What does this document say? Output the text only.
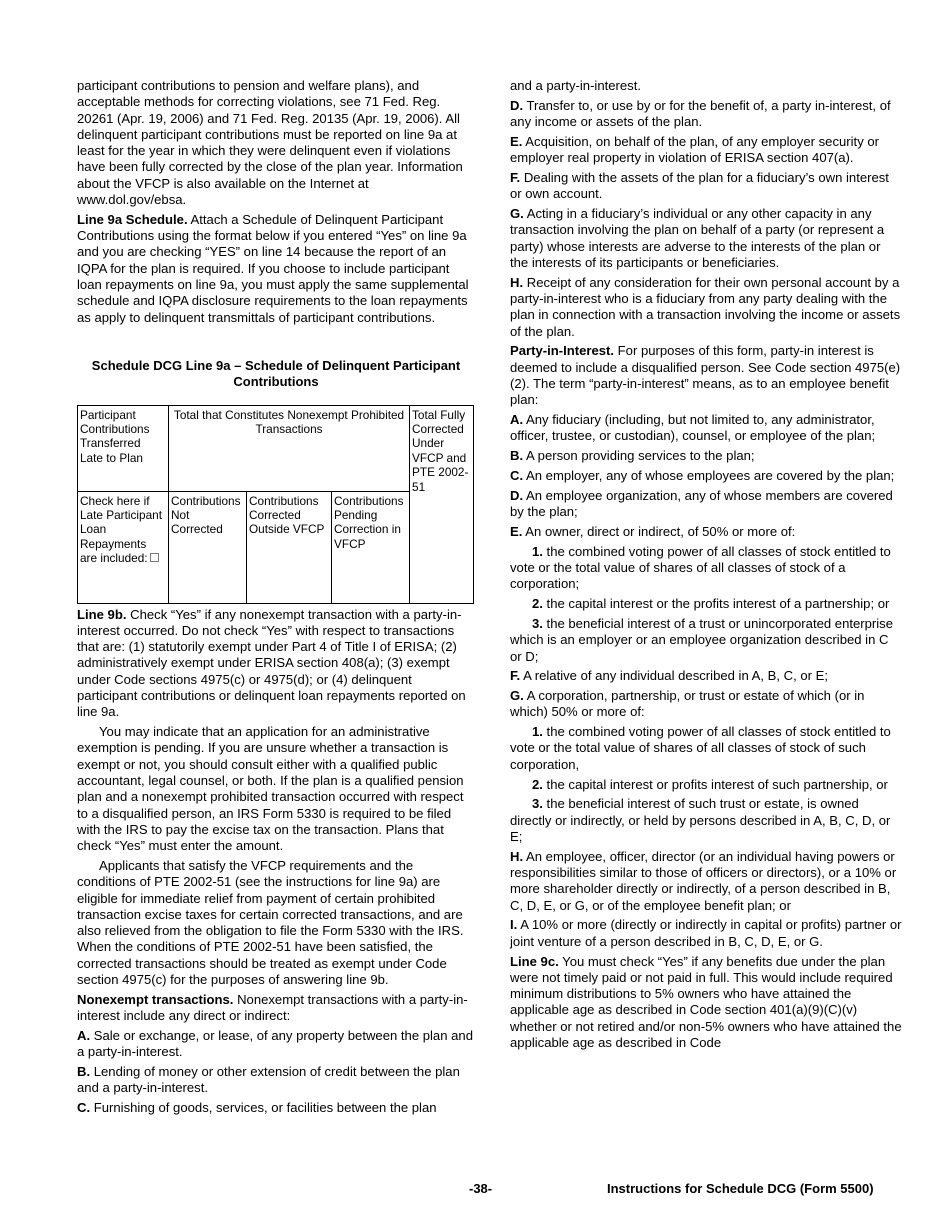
participant contributions to pension and welfare plans), and acceptable methods for correcting violations, see 71 Fed. Reg. 20261 (Apr. 19, 2006) and 71 Fed. Reg. 20135 (Apr. 19, 2006). All delinquent participant contributions must be reported on line 9a at least for the year in which they were delinquent even if violations have been fully corrected by the close of the plan year. Information about the VFCP is also available on the Internet at www.dol.gov/ebsa.

Line 9a Schedule. Attach a Schedule of Delinquent Participant Contributions using the format below if you entered “Yes” on line 9a and you are checking “YES” on line 14 because the report of an IQPA for the plan is required. If you choose to include participant loan repayments on line 9a, you must apply the same supplemental schedule and IQPA disclosure requirements to the loan repayments as apply to delinquent transmittals of participant contributions.

Schedule DCG Line 9a – Schedule of Delinquent Participant Contributions
Participant Contributions Transferred Late to Plan	Total that Constitutes Nonexempt Prohibited Transactions			Total Fully Corrected Under VFCP and PTE 2002-51
Check here if Late Participant Loan Repayments are included:	Contributions Not Corrected	Contributions Corrected Outside VFCP	Contributions Pending Correction in VFCP	

Line 9b. Check “Yes” if any nonexempt transaction with a party-in-interest occurred. Do not check “Yes” with respect to transactions that are: (1) statutorily exempt under Part 4 of Title I of ERISA; (2) administratively exempt under ERISA section 408(a); (3) exempt under Code sections 4975(c) or 4975(d); or (4) delinquent participant contributions or delinquent loan repayments reported on line 9a.

You may indicate that an application for an administrative exemption is pending. If you are unsure whether a transaction is exempt or not, you should consult either with a qualified public accountant, legal counsel, or both. If the plan is a qualified pension plan and a nonexempt prohibited transaction occurred with respect to a disqualified person, an IRS Form 5330 is required to be filed with the IRS to pay the excise tax on the transaction. Plans that check “Yes” must enter the amount.

Applicants that satisfy the VFCP requirements and the conditions of PTE 2002-51 (see the instructions for line 9a) are eligible for immediate relief from payment of certain prohibited transaction excise taxes for certain corrected transactions, and are also relieved from the obligation to file the Form 5330 with the IRS. When the conditions of PTE 2002-51 have been satisfied, the corrected transactions should be treated as exempt under Code section 4975(c) for the purposes of answering line 9b.

Nonexempt transactions. Nonexempt transactions with a party-in-interest include any direct or indirect:

A. Sale or exchange, or lease, of any property between the plan and a party-in-interest.

B. Lending of money or other extension of credit between the plan and a party-in-interest.

C. Furnishing of goods, services, or facilities between the plan

and a party-in-interest.

D. Transfer to, or use by or for the benefit of, a party in-interest, of any income or assets of the plan.

E. Acquisition, on behalf of the plan, of any employer security or employer real property in violation of ERISA section 407(a).

F. Dealing with the assets of the plan for a fiduciary’s own interest or own account.

G. Acting in a fiduciary’s individual or any other capacity in any transaction involving the plan on behalf of a party (or represent a party) whose interests are adverse to the interests of the plan or the interests of its participants or beneficiaries.

H. Receipt of any consideration for their own personal account by a party-in-interest who is a fiduciary from any party dealing with the plan in connection with a transaction involving the income or assets of the plan.

Party-in-Interest. For purposes of this form, party-in interest is deemed to include a disqualified person. See Code section 4975(e)(2). The term “party-in-interest” means, as to an employee benefit plan:

A. Any fiduciary (including, but not limited to, any administrator, officer, trustee, or custodian), counsel, or employee of the plan;

B. A person providing services to the plan;

C. An employer, any of whose employees are covered by the plan;

D. An employee organization, any of whose members are covered by the plan;

E. An owner, direct or indirect, of 50% or more of:

1. the combined voting power of all classes of stock entitled to vote or the total value of shares of all classes of stock of a corporation;

2. the capital interest or the profits interest of a partnership; or

3. the beneficial interest of a trust or unincorporated enterprise which is an employer or an employee organization described in C or D;

F. A relative of any individual described in A, B, C, or E;

G. A corporation, partnership, or trust or estate of which (or in which) 50% or more of:

1. the combined voting power of all classes of stock entitled to vote or the total value of shares of all classes of stock of such corporation,

2. the capital interest or profits interest of such partnership, or

3. the beneficial interest of such trust or estate, is owned directly or indirectly, or held by persons described in A, B, C, D, or E;

H. An employee, officer, director (or an individual having powers or responsibilities similar to those of officers or directors), or a 10% or more shareholder directly or indirectly, of a person described in B, C, D, E, or G, or of the employee benefit plan; or

I. A 10% or more (directly or indirectly in capital or profits) partner or joint venture of a person described in B, C, D, E, or G.

Line 9c. You must check “Yes” if any benefits due under the plan were not timely paid or not paid in full. This would include required minimum distributions to 5% owners who have attained the applicable age as described in Code section 401(a)(9)(C)(v) whether or not retired and/or non-5% owners who have attained the applicable age as described in Code

-38-	Instructions for Schedule DCG (Form 5500)
